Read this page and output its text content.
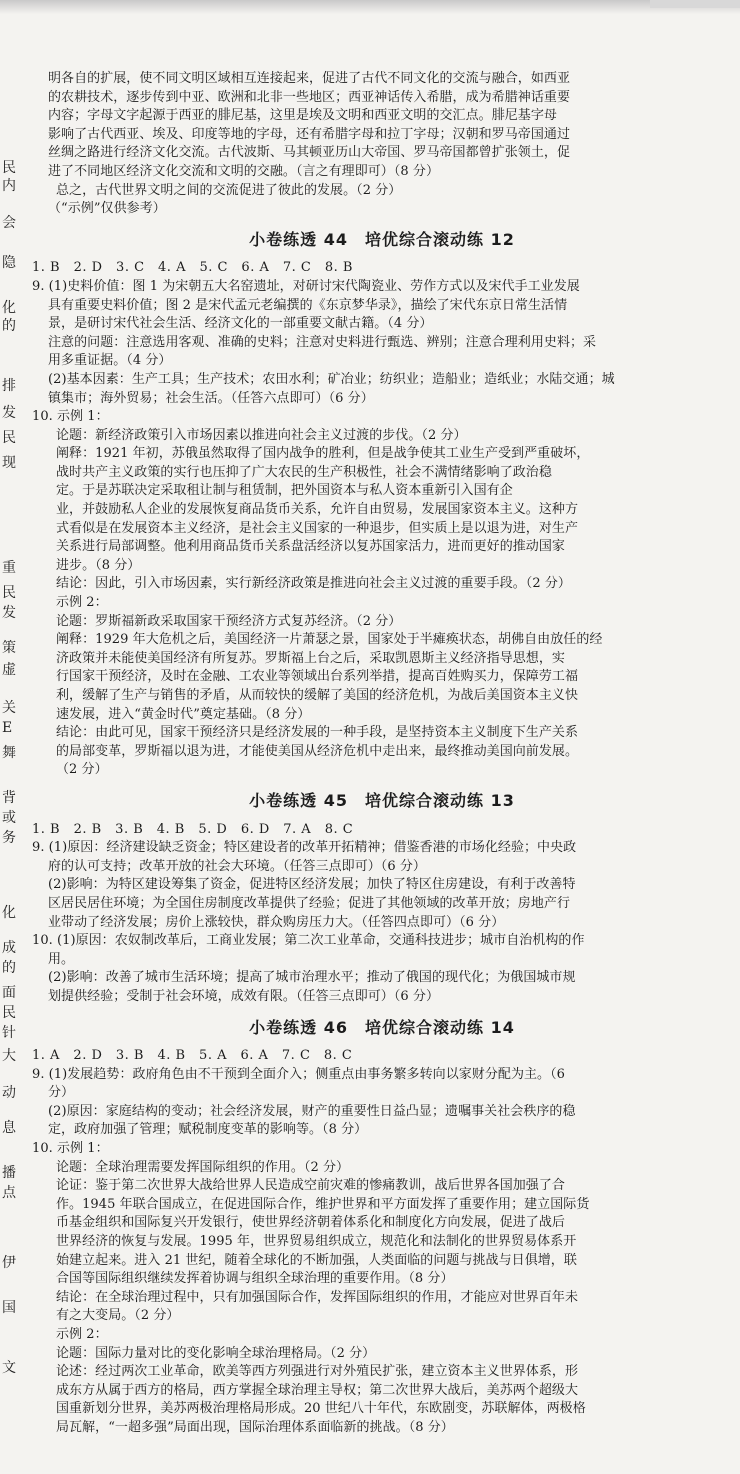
民
内
会
隐
化
的
排
发
民
现
重
民
发
策
虚
关
E
舞
背
或
务
化
成
的
面
民
针
大
动
息
播
点
伊
国
文
明各自的扩展，使不同文明区域相互连接起来，促进了古代不同文化的交流与融合，如西亚
的农耕技术，逐步传到中亚、欧洲和北非一些地区；西亚神话传入希腊，成为希腊神话重要
内容；字母文字起源于西亚的腓尼基，这里是埃及文明和西亚文明的交汇点。腓尼基字母
影响了古代西亚、埃及、印度等地的字母，还有希腊字母和拉丁字母；汉朝和罗马帝国通过
丝绸之路进行经济文化交流。古代波斯、马其顿亚历山大帝国、罗马帝国都曾扩张领土，促
进了不同地区经济文化交流和文明的交融。（言之有理即可）（8 分）
总之，古代世界文明之间的交流促进了彼此的发展。（2 分）
（“示例”仅供参考）
小卷练透 44　培优综合滚动练 12
1. B　2. D　3. C　4. A　5. C　6. A　7. C　8. B
9. (1)史料价值：图 1 为宋朝五大名窑遗址，对研讨宋代陶瓷业、劳作方式以及宋代手工业发展
具有重要史料价值；图 2 是宋代孟元老编撰的《东京梦华录》，描绘了宋代东京日常生活情
景，是研讨宋代社会生活、经济文化的一部重要文献古籍。（4 分）
注意的问题：注意选用客观、准确的史料；注意对史料进行甄选、辨别；注意合理利用史料；采
用多重证据。（4 分）
(2)基本因素：生产工具；生产技术；农田水利；矿冶业；纺织业；造船业；造纸业；水陆交通；城
镇集市；海外贸易；社会生活。（任答六点即可）（6 分）
10. 示例 1：
论题：新经济政策引入市场因素以推进向社会主义过渡的步伐。（2 分）
阐释：1921 年初，苏俄虽然取得了国内战争的胜利，但是战争使其工业生产受到严重破坏，
战时共产主义政策的实行也压抑了广大农民的生产积极性，社会不满情绪影响了政治稳
定。于是苏联决定采取租让制与租赁制，把外国资本与私人资本重新引入国有企
业，并鼓励私人企业的发展恢复商品货币关系，允许自由贸易，发展国家资本主义。这种方
式看似是在发展资本主义经济，是社会主义国家的一种退步，但实质上是以退为进，对生产
关系进行局部调整。他利用商品货币关系盘活经济以复苏国家活力，进而更好的推动国家
进步。（8 分）
结论：因此，引入市场因素，实行新经济政策是推进向社会主义过渡的重要手段。（2 分）
示例 2：
论题：罗斯福新政采取国家干预经济方式复苏经济。（2 分）
阐释：1929 年大危机之后，美国经济一片萧瑟之景，国家处于半瘫痪状态，胡佛自由放任的经
济政策并未能使美国经济有所复苏。罗斯福上台之后，采取凯恩斯主义经济指导思想，实
行国家干预经济，及时在金融、工农业等领域出台系列举措，提高百姓购买力，保障劳工福
利，缓解了生产与销售的矛盾，从而较快的缓解了美国的经济危机，为战后美国资本主义快
速发展，进入“黄金时代”奠定基础。（8 分）
结论：由此可见，国家干预经济只是经济发展的一种手段，是坚持资本主义制度下生产关系
的局部变革，罗斯福以退为进，才能使美国从经济危机中走出来，最终推动美国向前发展。
（2 分）
小卷练透 45　培优综合滚动练 13
1. B　2. B　3. B　4. B　5. D　6. D　7. A　8. C
9. (1)原因：经济建设缺乏资金；特区建设者的改革开拓精神；借鉴香港的市场化经验；中央政
府的认可支持；改革开放的社会大环境。（任答三点即可）（6 分）
(2)影响：为特区建设筹集了资金，促进特区经济发展；加快了特区住房建设，有利于改善特
区居民居住环境；为全国住房制度改革提供了经验；促进了其他领域的改革开放；房地产行
业带动了经济发展；房价上涨较快，群众购房压力大。（任答四点即可）（6 分）
10. (1)原因：农奴制改革后，工商业发展；第二次工业革命，交通科技进步；城市自治机构的作
用。
(2)影响：改善了城市生活环境；提高了城市治理水平；推动了俄国的现代化；为俄国城市规
划提供经验；受制于社会环境，成效有限。（任答三点即可）（6 分）
小卷练透 46　培优综合滚动练 14
1. A　2. D　3. B　4. B　5. A　6. A　7. C　8. C
9. (1)发展趋势：政府角色由不干预到全面介入；侧重点由事务繁多转向以家财分配为主。（6
分）
(2)原因：家庭结构的变动；社会经济发展，财产的重要性日益凸显；遗嘱事关社会秩序的稳
定，政府加强了管理；赋税制度变革的影响等。（8 分）
10. 示例 1：
论题：全球治理需要发挥国际组织的作用。（2 分）
论证：鉴于第二次世界大战给世界人民造成空前灾难的惨痛教训，战后世界各国加强了合
作。1945 年联合国成立，在促进国际合作，维护世界和平方面发挥了重要作用；建立国际货
币基金组织和国际复兴开发银行，使世界经济朝着体系化和制度化方向发展，促进了战后
世界经济的恢复与发展。1995 年，世界贸易组织成立，规范化和法制化的世界贸易体系开
始建立起来。进入 21 世纪，随着全球化的不断加强，人类面临的问题与挑战与日俱增，联
合国等国际组织继续发挥着协调与组织全球治理的重要作用。（8 分）
结论：在全球治理过程中，只有加强国际合作，发挥国际组织的作用，才能应对世界百年未
有之大变局。（2 分）
示例 2：
论题：国际力量对比的变化影响全球治理格局。（2 分）
论述：经过两次工业革命，欧美等西方列强进行对外殖民扩张，建立资本主义世界体系，形
成东方从属于西方的格局，西方掌握全球治理主导权；第二次世界大战后，美苏两个超级大
国重新划分世界，美苏两极治理格局形成。20 世纪八十年代，东欧剧变，苏联解体，两极格
局瓦解，“一超多强”局面出现，国际治理体系面临新的挑战。（8 分）
